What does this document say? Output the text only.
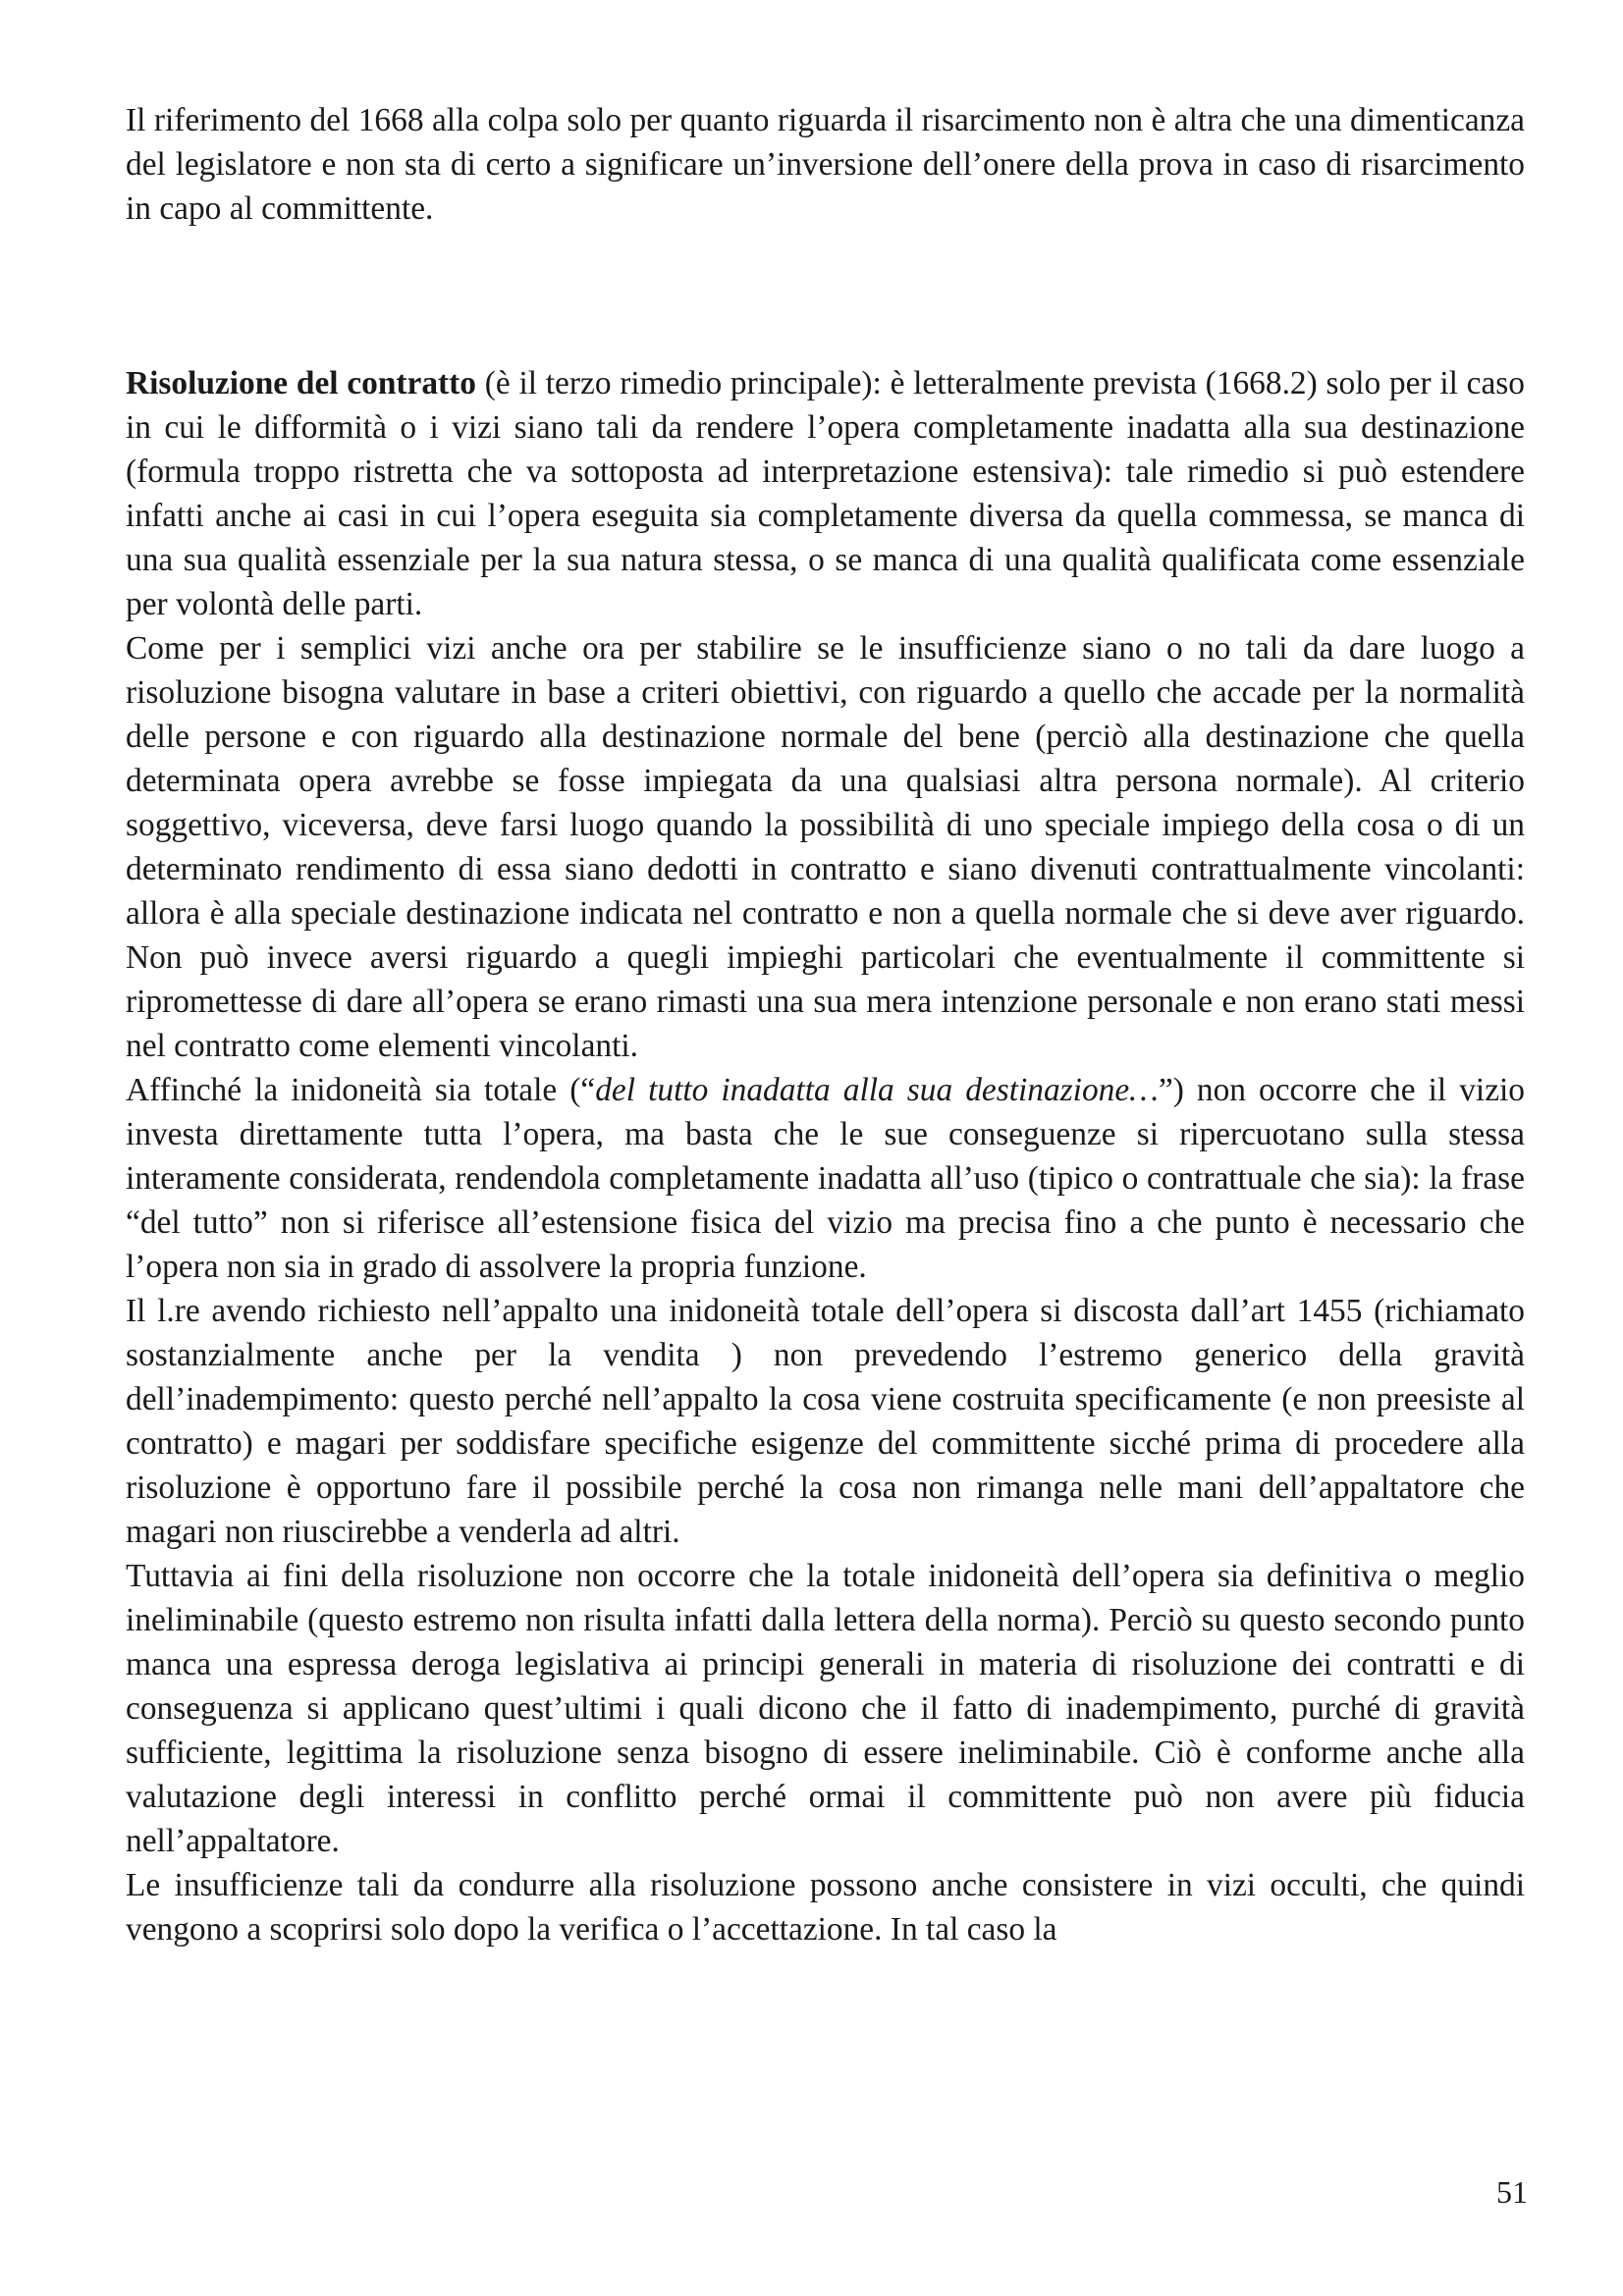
Il riferimento del 1668 alla colpa solo per quanto riguarda il risarcimento non è altra che una dimenticanza del legislatore e non sta di certo a significare un’inversione dell’onere della prova in caso di risarcimento in capo al committente.

Risoluzione del contratto (è il terzo rimedio principale): è letteralmente prevista (1668.2) solo per il caso in cui le difformità o i vizi siano tali da rendere l’opera completamente inadatta alla sua destinazione (formula troppo ristretta che va sottoposta ad interpretazione estensiva): tale rimedio si può estendere infatti anche ai casi in cui l’opera eseguita sia completamente diversa da quella commessa, se manca di una sua qualità essenziale per la sua natura stessa, o se manca di una qualità qualificata come essenziale per volontà delle parti.

Come per i semplici vizi anche ora per stabilire se le insufficienze siano o no tali da dare luogo a risoluzione bisogna valutare in base a criteri obiettivi, con riguardo a quello che accade per la normalità delle persone e con riguardo alla destinazione normale del bene (perciò alla destinazione che quella determinata opera avrebbe se fosse impiegata da una qualsiasi altra persona normale). Al criterio soggettivo, viceversa, deve farsi luogo quando la possibilità di uno speciale impiego della cosa o di un determinato rendimento di essa siano dedotti in contratto e siano divenuti contrattualmente vincolanti: allora è alla speciale destinazione indicata nel contratto e non a quella normale che si deve aver riguardo. Non può invece aversi riguardo a quegli impieghi particolari che eventualmente il committente si ripromettesse di dare all’opera se erano rimasti una sua mera intenzione personale e non erano stati messi nel contratto come elementi vincolanti.

Affinché la inidoneità sia totale (“del tutto inadatta alla sua destinazione…”) non occorre che il vizio investa direttamente tutta l’opera, ma basta che le sue conseguenze si ripercuotano sulla stessa interamente considerata, rendendola completamente inadatta all’uso (tipico o contrattuale che sia): la frase “del tutto” non si riferisce all’estensione fisica del vizio ma precisa fino a che punto è necessario che l’opera non sia in grado di assolvere la propria funzione.

Il l.re avendo richiesto nell’appalto una inidoneità totale dell’opera si discosta dall’art 1455 (richiamato sostanzialmente anche per la vendita ) non prevedendo l’estremo generico della gravità dell’inadempimento: questo perché nell’appalto la cosa viene costruita specificamente (e non preesiste al contratto) e magari per soddisfare specifiche esigenze del committente sicché prima di procedere alla risoluzione è opportuno fare il possibile perché la cosa non rimanga nelle mani dell’appaltatore che magari non riuscirebbe a venderla ad altri.

Tuttavia ai fini della risoluzione non occorre che la totale inidoneità dell’opera sia definitiva o meglio ineliminabile (questo estremo non risulta infatti dalla lettera della norma). Perciò su questo secondo punto manca una espressa deroga legislativa ai principi generali in materia di risoluzione dei contratti e di conseguenza si applicano quest’ultimi i quali dicono che il fatto di inadempimento, purché di gravità sufficiente, legittima la risoluzione senza bisogno di essere ineliminabile. Ciò è conforme anche alla valutazione degli interessi in conflitto perché ormai il committente può non avere più fiducia nell’appaltatore.

Le insufficienze tali da condurre alla risoluzione possono anche consistere in vizi occulti, che quindi vengono a scoprirsi solo dopo la verifica o l’accettazione. In tal caso la

51
